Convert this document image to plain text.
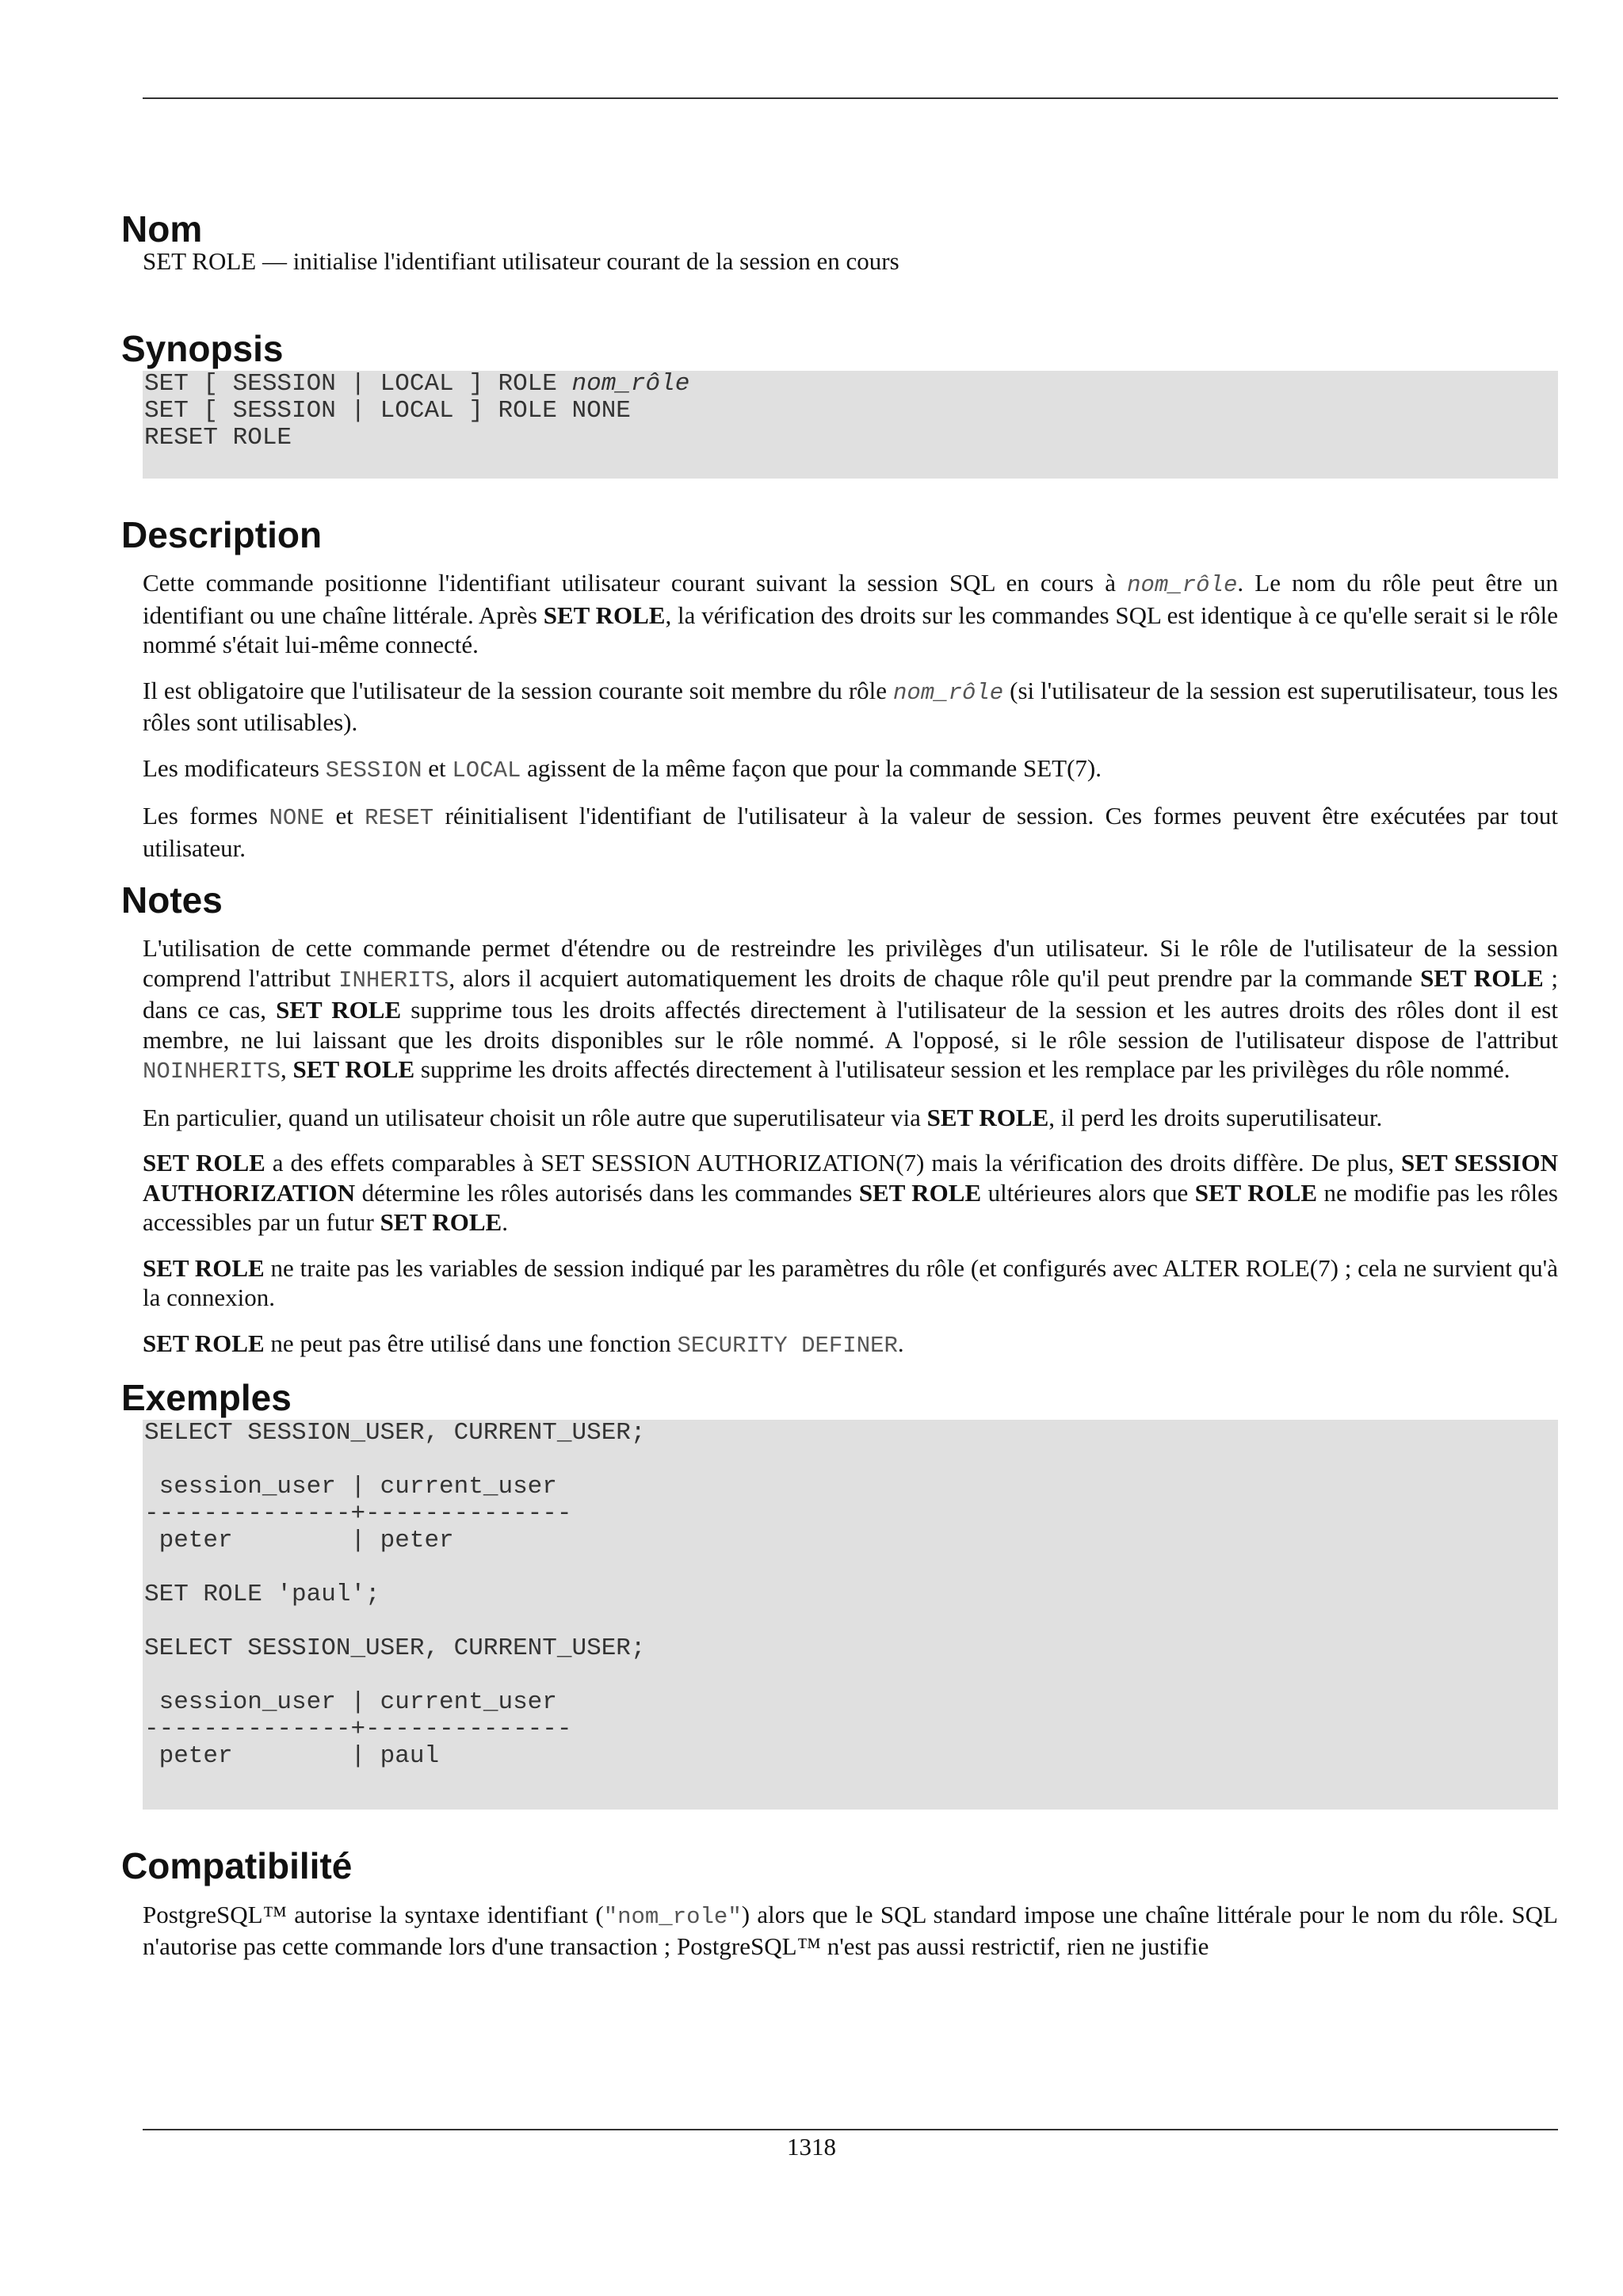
Nom

SET ROLE — initialise l'identifiant utilisateur courant de la session en cours

Synopsis
SET [ SESSION | LOCAL ] ROLE nom_rôle
SET [ SESSION | LOCAL ] ROLE NONE
RESET ROLE
Description

Cette commande positionne l'identifiant utilisateur courant suivant la session SQL en cours à nom_rôle. Le nom du rôle peut être un identifiant ou une chaîne littérale. Après SET ROLE, la vérification des droits sur les commandes SQL est identique à ce qu'elle serait si le rôle nommé s'était lui-même connecté.

Il est obligatoire que l'utilisateur de la session courante soit membre du rôle nom_rôle (si l'utilisateur de la session est superutilisateur, tous les rôles sont utilisables).

Les modificateurs SESSION et LOCAL agissent de la même façon que pour la commande SET(7).

Les formes NONE et RESET réinitialisent l'identifiant de l'utilisateur à la valeur de session. Ces formes peuvent être exécutées par tout utilisateur.

Notes

L'utilisation de cette commande permet d'étendre ou de restreindre les privilèges d'un utilisateur. Si le rôle de l'utilisateur de la session comprend l'attribut INHERITS, alors il acquiert automatiquement les droits de chaque rôle qu'il peut prendre par la commande SET ROLE ; dans ce cas, SET ROLE supprime tous les droits affectés directement à l'utilisateur de la session et les autres droits des rôles dont il est membre, ne lui laissant que les droits disponibles sur le rôle nommé. A l'opposé, si le rôle session de l'utilisateur dispose de l'attribut NOINHERITS, SET ROLE supprime les droits affectés directement à l'utilisateur session et les remplace par les privilèges du rôle nommé.

En particulier, quand un utilisateur choisit un rôle autre que superutilisateur via SET ROLE, il perd les droits superutilisateur.

SET ROLE a des effets comparables à SET SESSION AUTHORIZATION(7) mais la vérification des droits diffère. De plus, SET SESSION AUTHORIZATION détermine les rôles autorisés dans les commandes SET ROLE ultérieures alors que SET ROLE ne modifie pas les rôles accessibles par un futur SET ROLE.

SET ROLE ne traite pas les variables de session indiqué par les paramètres du rôle (et configurés avec ALTER ROLE(7) ; cela ne survient qu'à la connexion.

SET ROLE ne peut pas être utilisé dans une fonction SECURITY DEFINER.

Exemples
SELECT SESSION_USER, CURRENT_USER;

session_user | current_user
--------------+--------------
peter        | peter

SET ROLE 'paul';

SELECT SESSION_USER, CURRENT_USER;

session_user | current_user
--------------+--------------
peter        | paul
Compatibilité

PostgreSQL™ autorise la syntaxe identifiant ("nom_role") alors que le SQL standard impose une chaîne littérale pour le nom du rôle. SQL n'autorise pas cette commande lors d'une transaction ; PostgreSQL™ n'est pas aussi restrictif, rien ne justifie

1318
